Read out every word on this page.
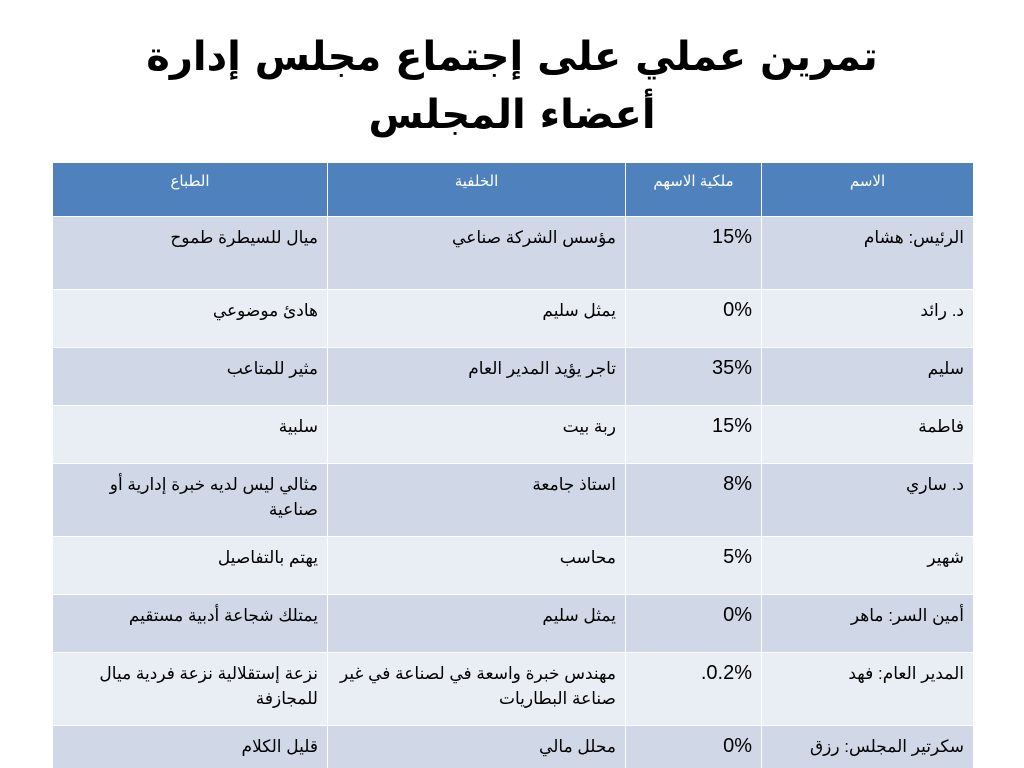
تمرين عملي على إجتماع مجلس إدارة
أعضاء المجلس
الاسم	ملكية الاسهم	الخلفية	الطباع
الرئيس: هشام	15%	مؤسس الشركة صناعي	ميال للسيطرة طموح
د. رائد	0%	يمثل سليم	هادئ موضوعي
سليم	35%	تاجر يؤيد المدير العام	مثير للمتاعب
فاطمة	15%	ربة بيت	سلبية
د. ساري	8%	استاذ جامعة	مثالي ليس لديه خبرة إدارية أو صناعية
شهير	5%	محاسب	يهتم بالتفاصيل
أمين السر: ماهر	0%	يمثل سليم	يمتلك شجاعة أدبية مستقيم
المدير العام: فهد	.0.2%	مهندس خبرة واسعة في لصناعة في غير صناعة البطاريات	نزعة إستقلالية نزعة فردية ميال للمجازفة
سكرتير المجلس: رزق	0%	محلل مالي	قليل الكلام
